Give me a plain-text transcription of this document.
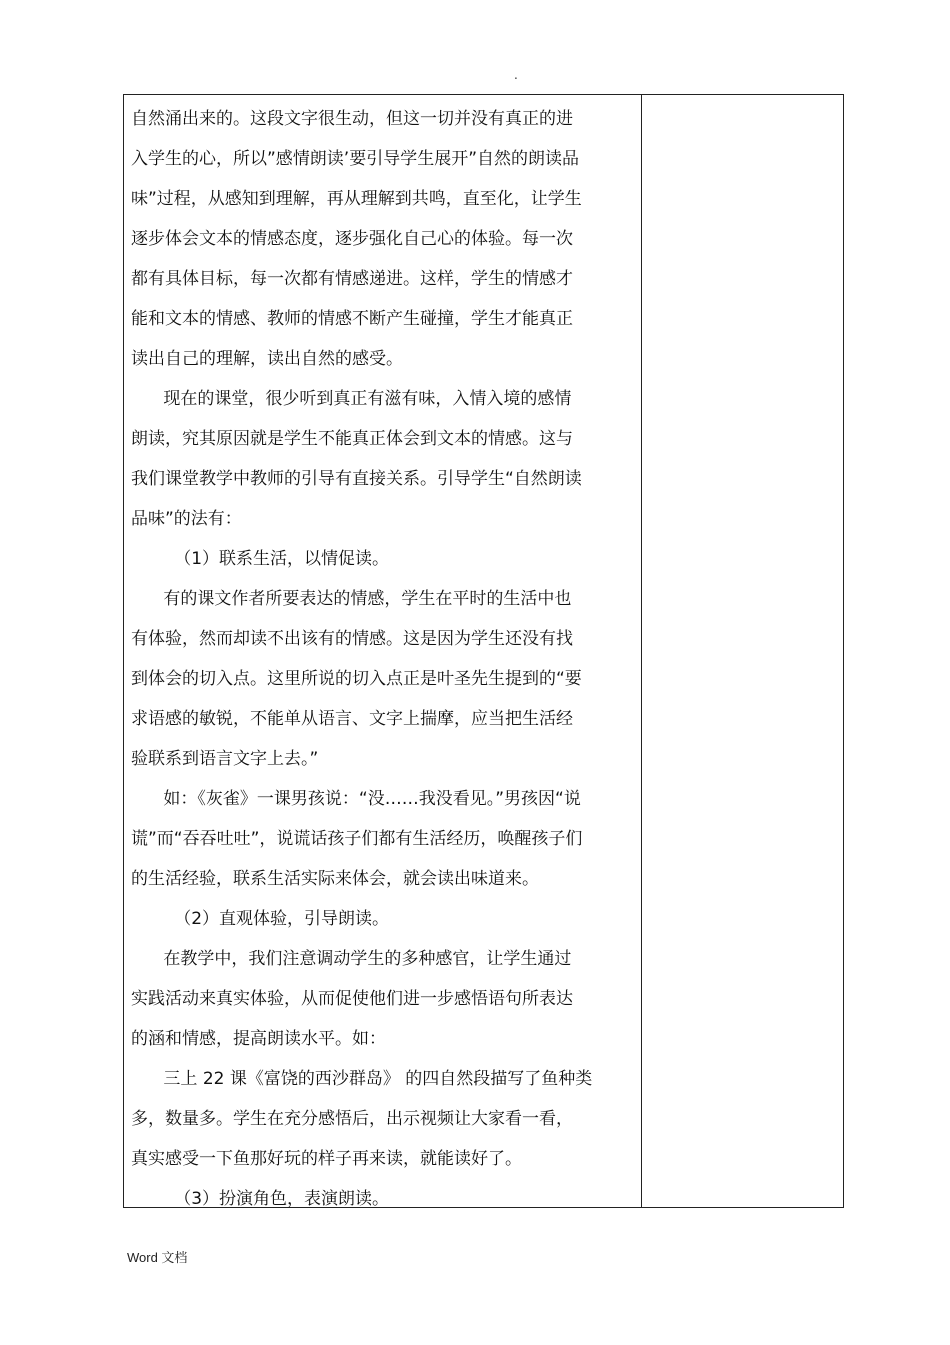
.
自然涌出来的。这段文字很生动，但这一切并没有真正的进
入学生的心，所以”感情朗读’要引导学生展开”自然的朗读品
味”过程，从感知到理解，再从理解到共鸣，直至化，让学生
逐步体会文本的情感态度，逐步强化自己心的体验。每一次
都有具体目标，每一次都有情感递进。这样，学生的情感才
能和文本的情感、教师的情感不断产生碰撞，学生才能真正
读出自己的理解，读出自然的感受。
现在的课堂，很少听到真正有滋有味，入情入境的感情
朗读，究其原因就是学生不能真正体会到文本的情感。这与
我们课堂教学中教师的引导有直接关系。引导学生“自然朗读
品味”的法有：
（1）联系生活，以情促读。
有的课文作者所要表达的情感，学生在平时的生活中也
有体验，然而却读不出该有的情感。这是因为学生还没有找
到体会的切入点。这里所说的切入点正是叶圣先生提到的“要
求语感的敏锐，不能单从语言、文字上揣摩，应当把生活经
验联系到语言文字上去。”
如：《灰雀》一课男孩说：“没……我没看见。”男孩因“说
谎”而“吞吞吐吐”，说谎话孩子们都有生活经历，唤醒孩子们
的生活经验，联系生活实际来体会，就会读出味道来。
（2）直观体验，引导朗读。
在教学中，我们注意调动学生的多种感官，让学生通过
实践活动来真实体验，从而促使他们进一步感悟语句所表达
的涵和情感，提高朗读水平。如：
三上 22 课《富饶的西沙群岛》 的四自然段描写了鱼种类
多，数量多。学生在充分感悟后，出示视频让大家看一看，
真实感受一下鱼那好玩的样子再来读，就能读好了。
（3）扮演角色，表演朗读。
Word 文档
